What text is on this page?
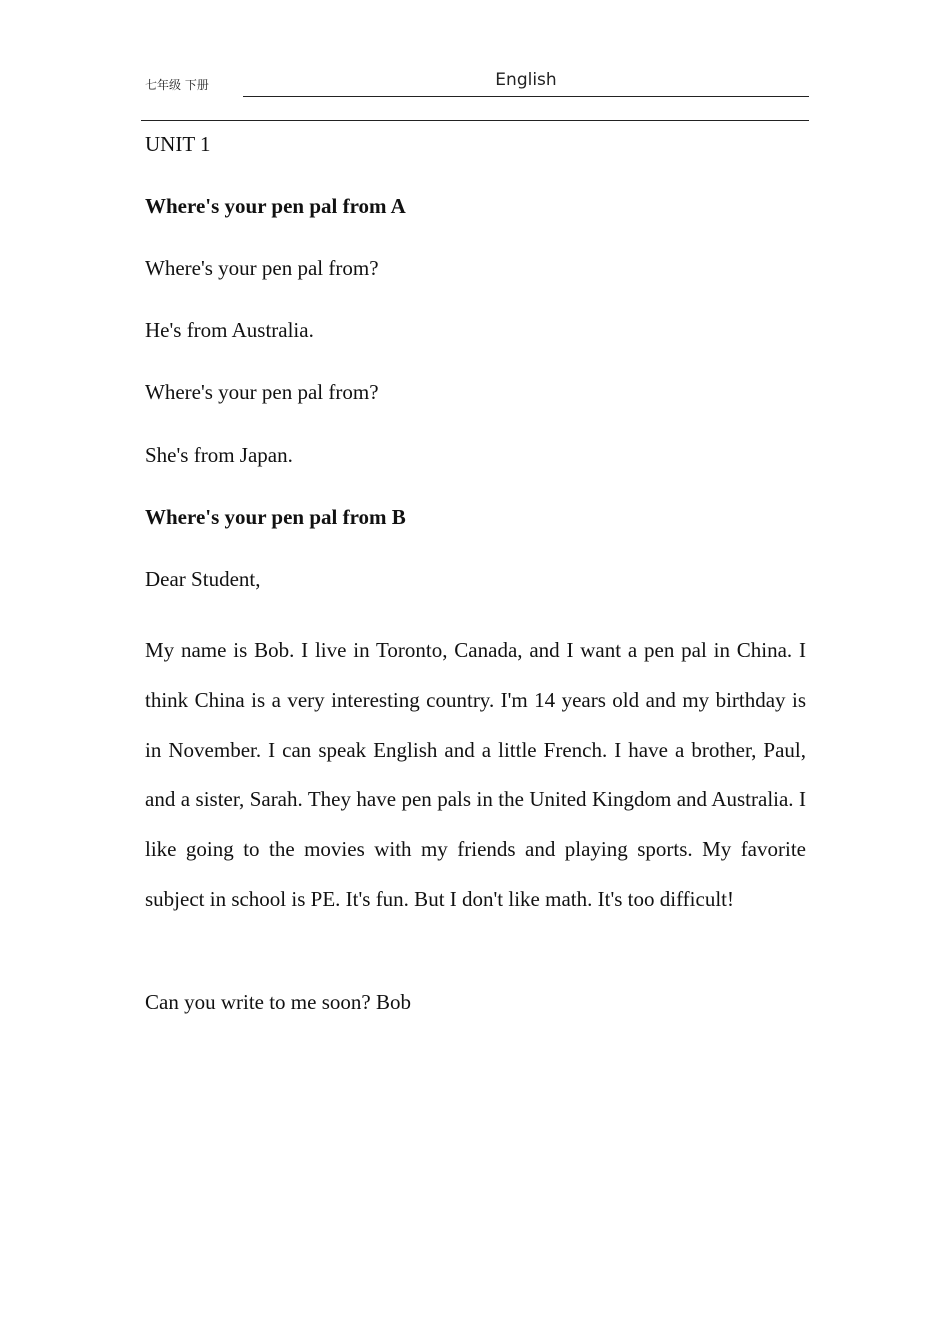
七年级 下册	English
UNIT 1
Where's your pen pal from A
Where's your pen pal from?
He's from Australia.
Where's your pen pal from?
She's from Japan.
Where's your pen pal from B
Dear Student,
My name is Bob. I live in Toronto, Canada, and I want a pen pal in China. I think China is a very interesting country. I'm 14 years old and my birthday is in November. I can speak English and a little French. I have a brother, Paul, and a sister, Sarah. They have pen pals in the United Kingdom and Australia. I like going to the movies with my friends and playing sports. My favorite subject in school is PE. It's fun. But I don't like math. It's too difficult!
Can you write to me soon? Bob
